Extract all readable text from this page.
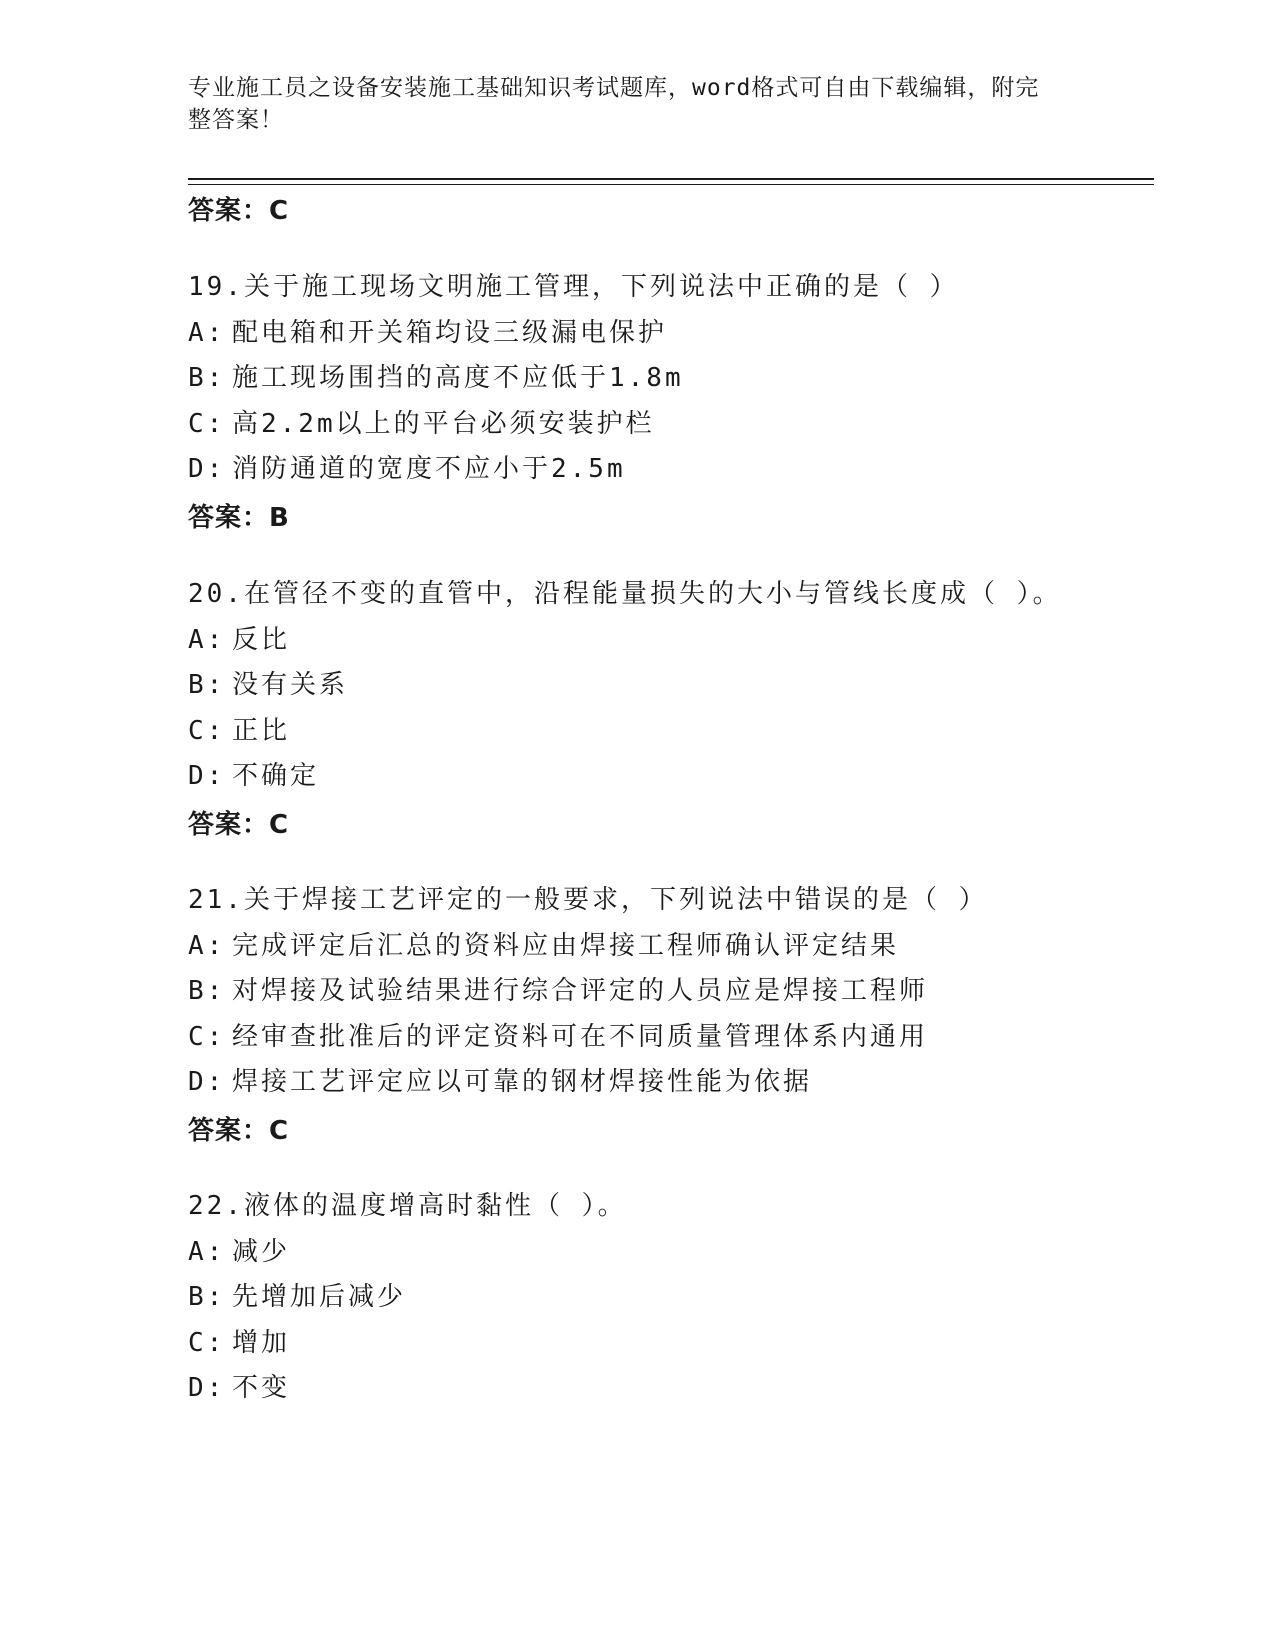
专业施工员之设备安装施工基础知识考试题库，word格式可自由下载编辑，附完
整答案！
答案：C
19.关于施工现场文明施工管理，下列说法中正确的是（ ）
A: 配电箱和开关箱均设三级漏电保护
B: 施工现场围挡的高度不应低于1.8m
C: 高2.2m以上的平台必须安装护栏
D: 消防通道的宽度不应小于2.5m
答案：B
20.在管径不变的直管中，沿程能量损失的大小与管线长度成（ ）。
A: 反比
B: 没有关系
C: 正比
D: 不确定
答案：C
21.关于焊接工艺评定的一般要求，下列说法中错误的是（ ）
A: 完成评定后汇总的资料应由焊接工程师确认评定结果
B: 对焊接及试验结果进行综合评定的人员应是焊接工程师
C: 经审查批准后的评定资料可在不同质量管理体系内通用
D: 焊接工艺评定应以可靠的钢材焊接性能为依据
答案：C
22.液体的温度增高时黏性（ ）。
A: 减少
B: 先增加后减少
C: 增加
D: 不变
